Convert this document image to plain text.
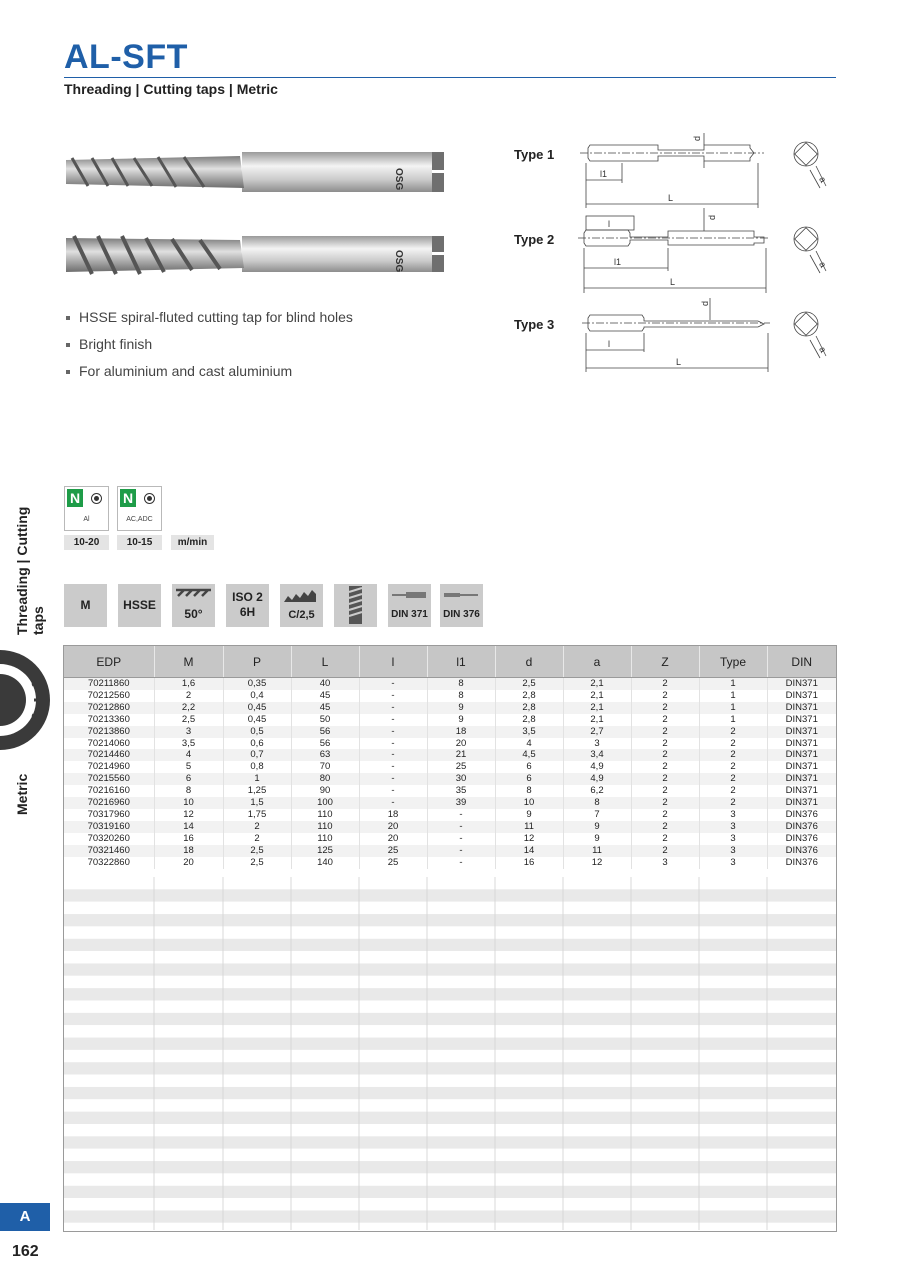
AL-SFT
Threading | Cutting taps | Metric
OSG
OSG
HSSE spiral-fluted cutting tap for blind holes
Bright finish
For aluminium and cast aluminium
Type 1
Type 2
Type 3
d
l1
L
a
l
d
l1
L
a
d
l
L
a
Threading | Cutting taps
Metric
N
Al
N
AC,ADC
10-20	10-15	m/min
M	HSSE
50°
ISO 2
6H	C/2,5	DIN 371	DIN 376
EDP	M	P	L	l	l1	d	a	Z	Type	DIN
70211860	1,6	0,35	40	-	8	2,5	2,1	2	1	DIN371
70212560	2	0,4	45	-	8	2,8	2,1	2	1	DIN371
70212860	2,2	0,45	45	-	9	2,8	2,1	2	1	DIN371
70213360	2,5	0,45	50	-	9	2,8	2,1	2	1	DIN371
70213860	3	0,5	56	-	18	3,5	2,7	2	2	DIN371
70214060	3,5	0,6	56	-	20	4	3	2	2	DIN371
70214460	4	0,7	63	-	21	4,5	3,4	2	2	DIN371
70214960	5	0,8	70	-	25	6	4,9	2	2	DIN371
70215560	6	1	80	-	30	6	4,9	2	2	DIN371
70216160	8	1,25	90	-	35	8	6,2	2	2	DIN371
70216960	10	1,5	100	-	39	10	8	2	2	DIN371
70317960	12	1,75	110	18	-	9	7	2	3	DIN376
70319160	14	2	110	20	-	11	9	2	3	DIN376
70320260	16	2	110	20	-	12	9	2	3	DIN376
70321460	18	2,5	125	25	-	14	11	2	3	DIN376
70322860	20	2,5	140	25	-	16	12	3	3	DIN376
A
162
